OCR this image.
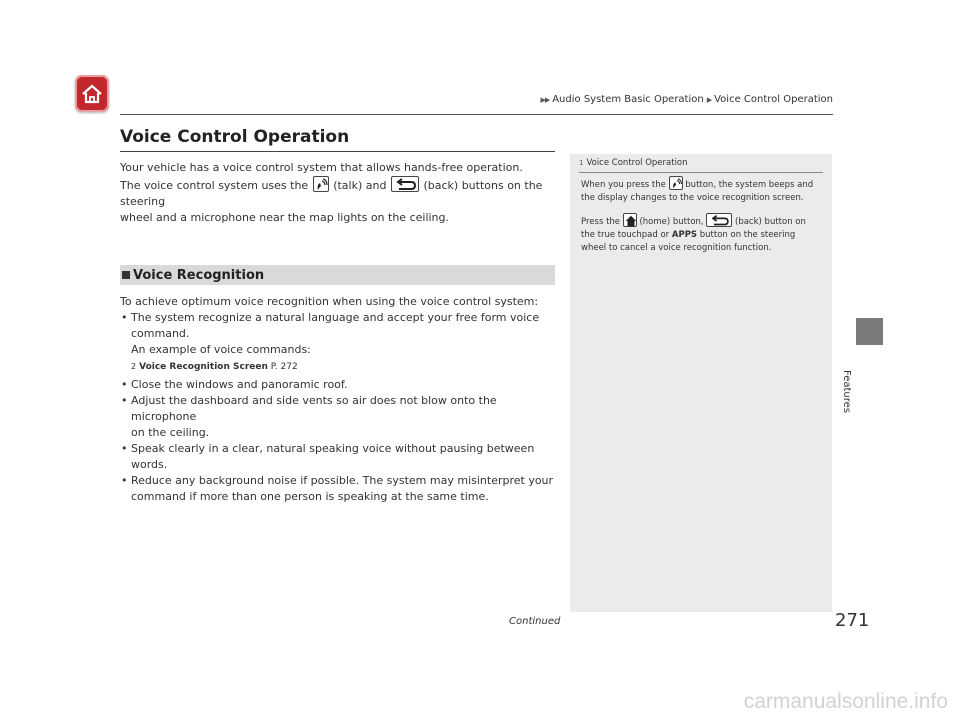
▶▶ Audio System Basic Operation ▶ Voice Control Operation
Features
Voice Control Operation
Your vehicle has a voice control system that allows hands-free operation.
The voice control system uses the (talk) and	(back) buttons on the steering
wheel and a microphone near the map lights on the ceiling.
Voice Recognition
To achieve optimum voice recognition when using the voice control system:
• The system recognize a natural language and accept your free form voice
command.
An example of voice commands:
2 Voice Recognition Screen P. 272
• Close the windows and panoramic roof.
• Adjust the dashboard and side vents so air does not blow onto the microphone
on the ceiling.
• Speak clearly in a clear, natural speaking voice without pausing between words.
• Reduce any background noise if possible. The system may misinterpret your
command if more than one person is speaking at the same time.
1 Voice Control Operation

When you press the button, the system beeps and
the display changes to the voice recognition screen.

Press the (home) button,	(back) button on
the true touchpad or APPS button on the steering
wheel to cancel a voice recognition function.

Continued	271
carmanualsonline.info
